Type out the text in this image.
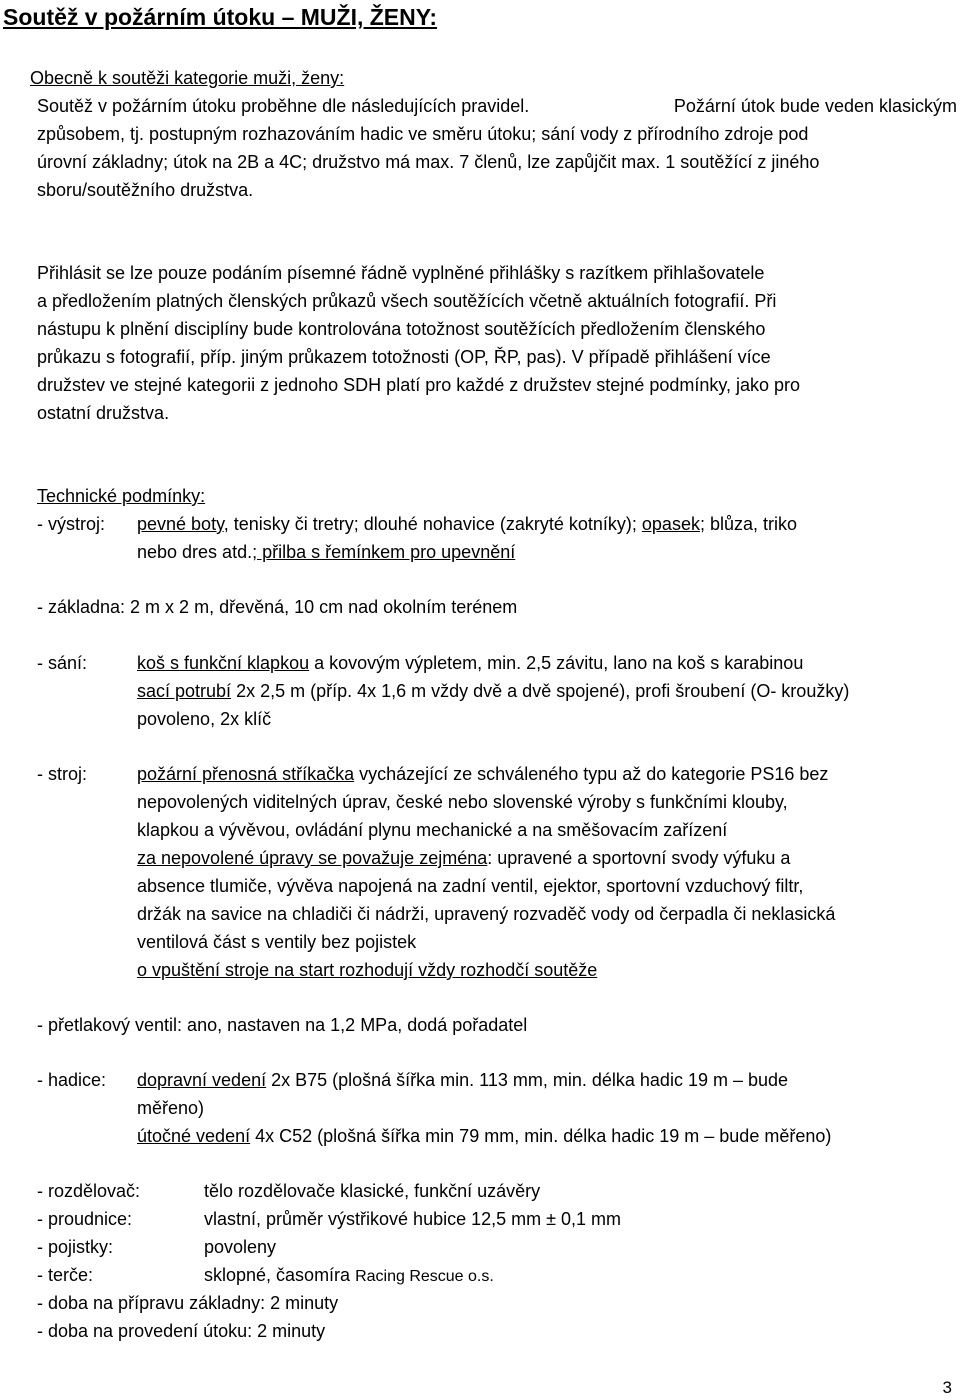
Soutěž v požárním útoku – MUŽI, ŽENY:
Obecně k soutěži kategorie muži, ženy:
Soutěž v požárním útoku proběhne dle následujících pravidel.	Požární útok bude veden klasickým
způsobem, tj. postupným rozhazováním hadic ve směru útoku; sání vody z přírodního zdroje pod
úrovní základny; útok na 2B a 4C; družstvo má max. 7 členů, lze zapůjčit max. 1 soutěžící z jiného
sboru/soutěžního družstva.
Přihlásit se lze pouze podáním písemné řádně vyplněné přihlášky s razítkem přihlašovatele
a předložením platných členských průkazů všech soutěžících včetně aktuálních fotografií. Při
nástupu k plnění disciplíny bude kontrolována totožnost soutěžících předložením členského
průkazu s fotografií, příp. jiným průkazem totožnosti (OP, ŘP, pas). V případě přihlášení více
družstev ve stejné kategorii z jednoho SDH platí pro každé z družstev stejné podmínky, jako pro
ostatní družstva.
Technické podmínky:
- výstroj: pevné boty, tenisky či tretry; dlouhé nohavice (zakryté kotníky); opasek; blůza, triko
nebo dres atd.; přilba s řemínkem pro upevnění
- základna: 2 m x 2 m, dřevěná, 10 cm nad okolním terénem
- sání:	koš s funkční klapkou a kovovým výpletem, min. 2,5 závitu, lano na koš s karabinou
sací potrubí 2x 2,5 m (příp. 4x 1,6 m vždy dvě a dvě spojené), profi šroubení (O- kroužky)
povoleno, 2x klíč
- stroj:	požární přenosná stříkačka vycházející ze schváleného typu až do kategorie PS16 bez
nepovolených viditelných úprav, české nebo slovenské výroby s funkčními klouby,
klapkou a vývěvou, ovládání plynu mechanické a na směšovacím zařízení
za nepovolené úpravy se považuje zejména: upravené a sportovní svody výfuku a
absence tlumiče, vývěva napojená na zadní ventil, ejektor, sportovní vzduchový filtr,
držák na savice na chladiči či nádrži, upravený rozvaděč vody od čerpadla či neklasická
ventilová část s ventily bez pojistek
o vpuštění stroje na start rozhodují vždy rozhodčí soutěže
- přetlakový ventil: ano, nastaven na 1,2 MPa, dodá pořadatel
- hadice: dopravní vedení 2x B75 (plošná šířka min. 113 mm, min. délka hadic 19 m – bude
měřeno)
útočné vedení 4x C52 (plošná šířka min 79 mm, min. délka hadic 19 m – bude měřeno)
- rozdělovač:	tělo rozdělovače klasické, funkční uzávěry
- proudnice:	vlastní, průměr výstřikové hubice 12,5 mm ± 0,1 mm
- pojistky:	povoleny
- terče:	sklopné, časomíra Racing Rescue o.s.
- doba na přípravu základny: 2 minuty
- doba na provedení útoku: 2 minuty
3
